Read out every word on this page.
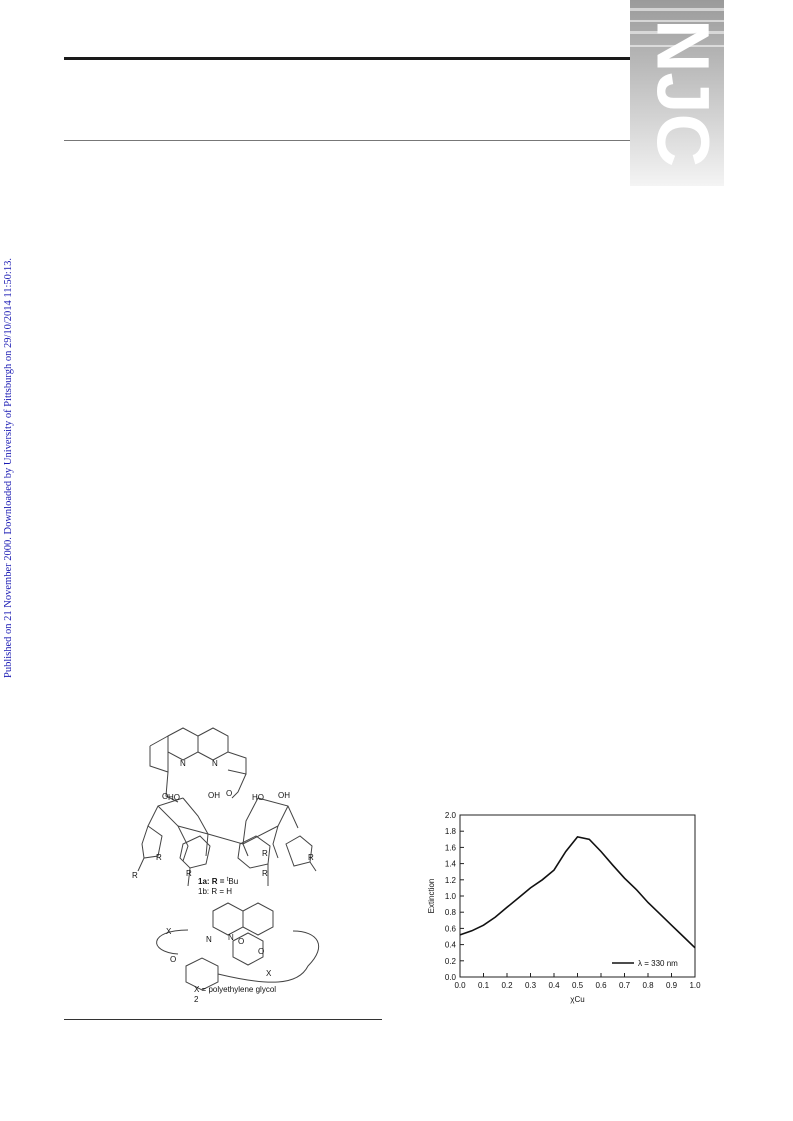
Published on 21 November 2000. Downloaded by University of Pittsburgh on 29/10/2014 11:50:13.
NJC
N	N
O	O
HO	OH	HO OH
R
R
R
R
R
R
1a: R = $^t$Bu
1b: R = H
X
N N O
O
O
X
X = polyethylene glycol
2
0.0
0.2
0.4
0.6
0.8
1.0
1.2
1.4
1.6
1.8
2.0
0.0 0.1 0.2 0.3 0.4 0.5 0.6 0.7 0.8 0.9 1.0
λ = 330 nm
χCu
Extinction
